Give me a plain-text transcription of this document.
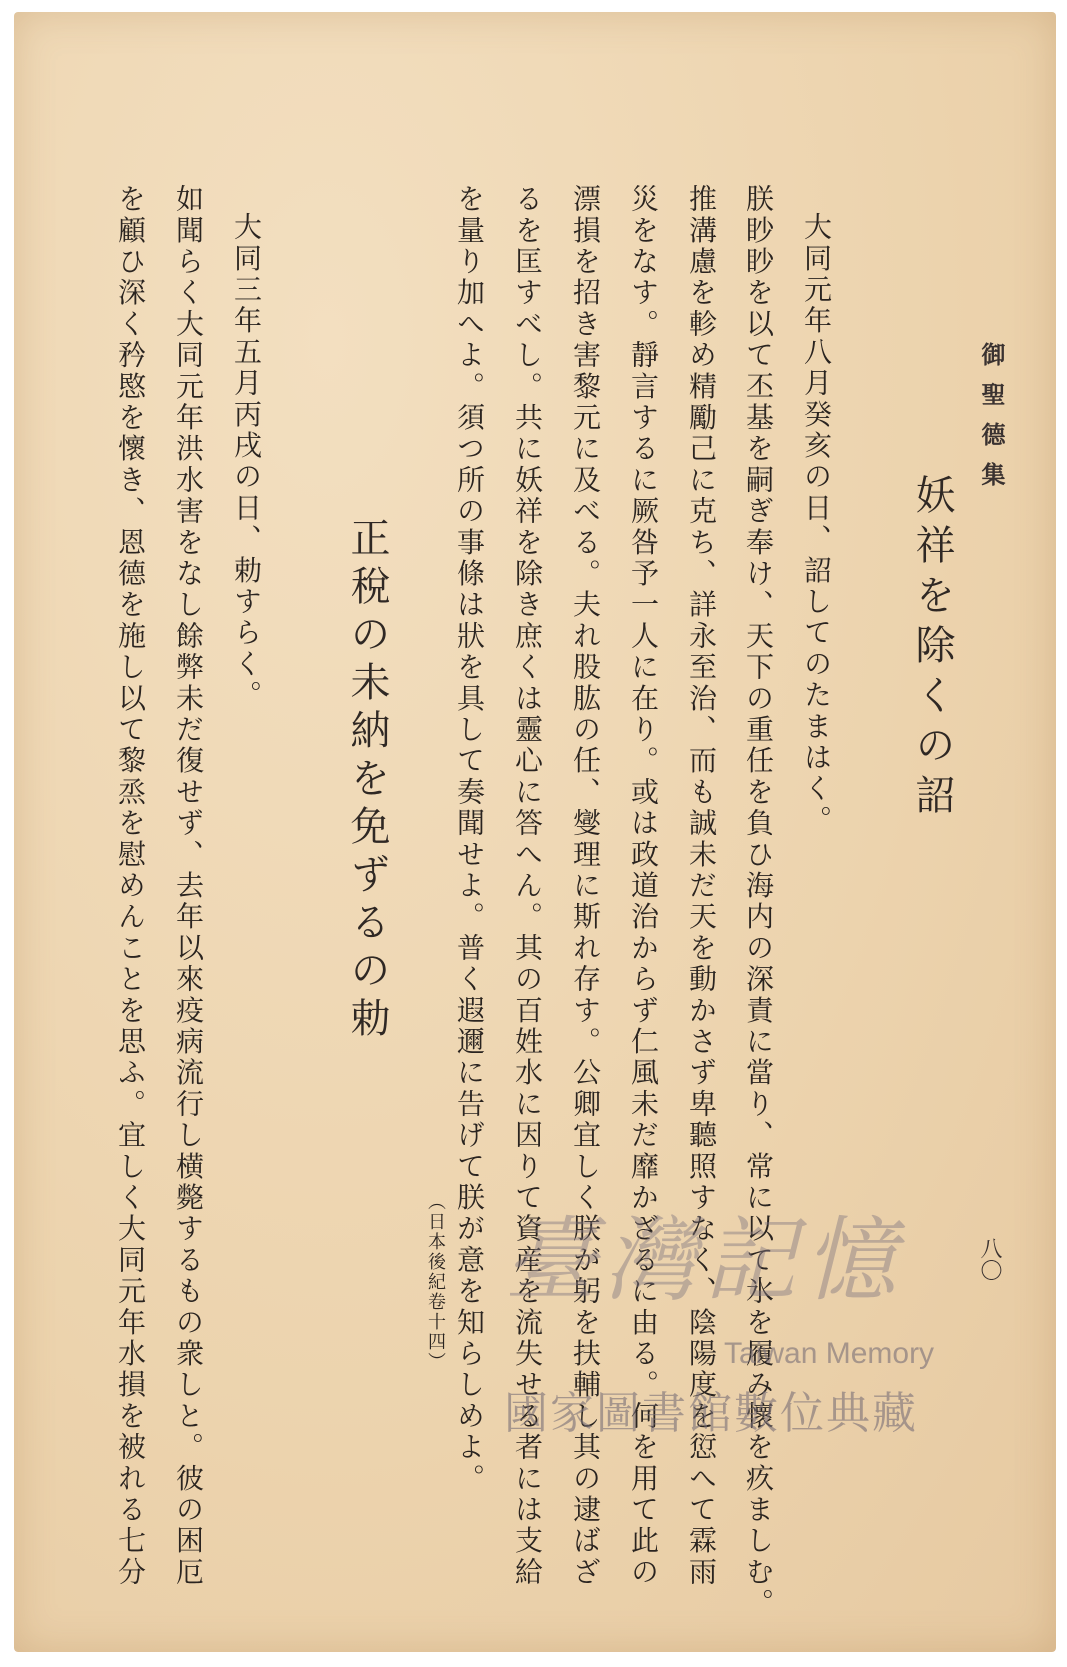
御聖德集
八〇
妖祥を除くの詔
大同元年八月癸亥の日、詔してのたまはく。
朕眇眇を以て丕基を嗣ぎ奉け、天下の重任を負ひ海内の深責に當り、常に以て氷を履み懷を疚ましむ。
推溝慮を軫め精勵己に克ち、詳永至治、而も誠未だ天を動かさず卑聽照すなく、陰陽度を愆へて霖雨
災をなす。靜言するに厥咎予一人に在り。或は政道治からず仁風未だ靡かざるに由る。何を用て此の
漂損を招き害黎元に及べる。夫れ股肱の任、燮理に斯れ存す。公卿宜しく朕が躬を扶輔し其の逮ばざ
るを匡すべし。共に妖祥を除き庶くは靈心に答へん。其の百姓水に因りて資産を流失せる者には支給
を量り加へよ。須つ所の事條は狀を具して奏聞せよ。普く遐邇に告げて朕が意を知らしめよ。
（日本後紀卷十四）
正稅の未納を免ずるの勅
大同三年五月丙戌の日、勅すらく。
如聞らく大同元年洪水害をなし餘弊未だ復せず、去年以來疫病流行し横斃するもの衆しと。彼の困厄
を顧ひ深く矜愍を懷き、恩德を施し以て黎烝を慰めんことを思ふ。宜しく大同元年水損を被れる七分	臺灣記憶
Taiwan Memory
國家圖書館數位典藏
